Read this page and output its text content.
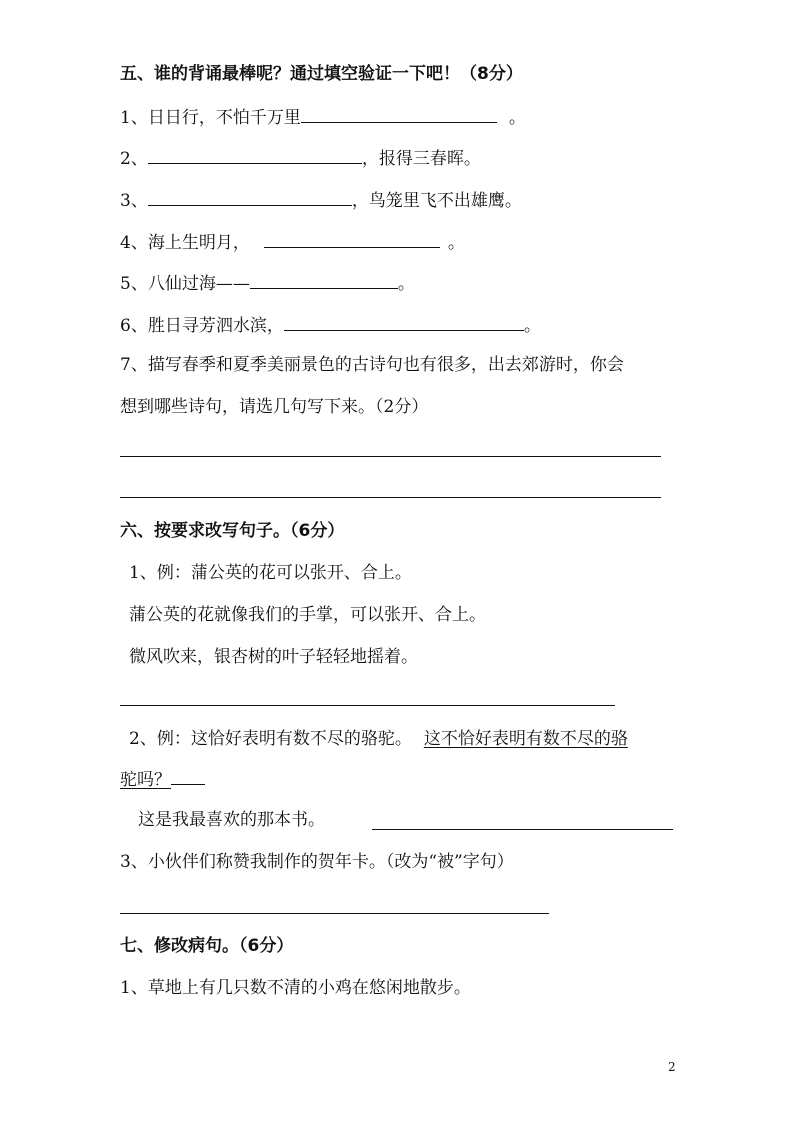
五、谁的背诵最棒呢？通过填空验证一下吧！（8分）
1、日日行，不怕千万里	。
2、	，报得三春晖。
3、	，鸟笼里飞不出雄鹰。
4、海上生明月，	。
5、八仙过海——	。
6、胜日寻芳泗水滨，	。
7、描写春季和夏季美丽景色的古诗句也有很多，出去郊游时，你会
想到哪些诗句，请选几句写下来。（2分）
六、按要求改写句子。（6分）
1、例：蒲公英的花可以张开、合上。
蒲公英的花就像我们的手掌，可以张开、合上。
微风吹来，银杏树的叶子轻轻地摇着。
2、例：这恰好表明有数不尽的骆驼。 这不恰好表明有数不尽的骆
驼吗？
这是我最喜欢的那本书。
3、小伙伴们称赞我制作的贺年卡。（改为“被”字句）
七、修改病句。（6分）
1、草地上有几只数不清的小鸡在悠闲地散步。
2
